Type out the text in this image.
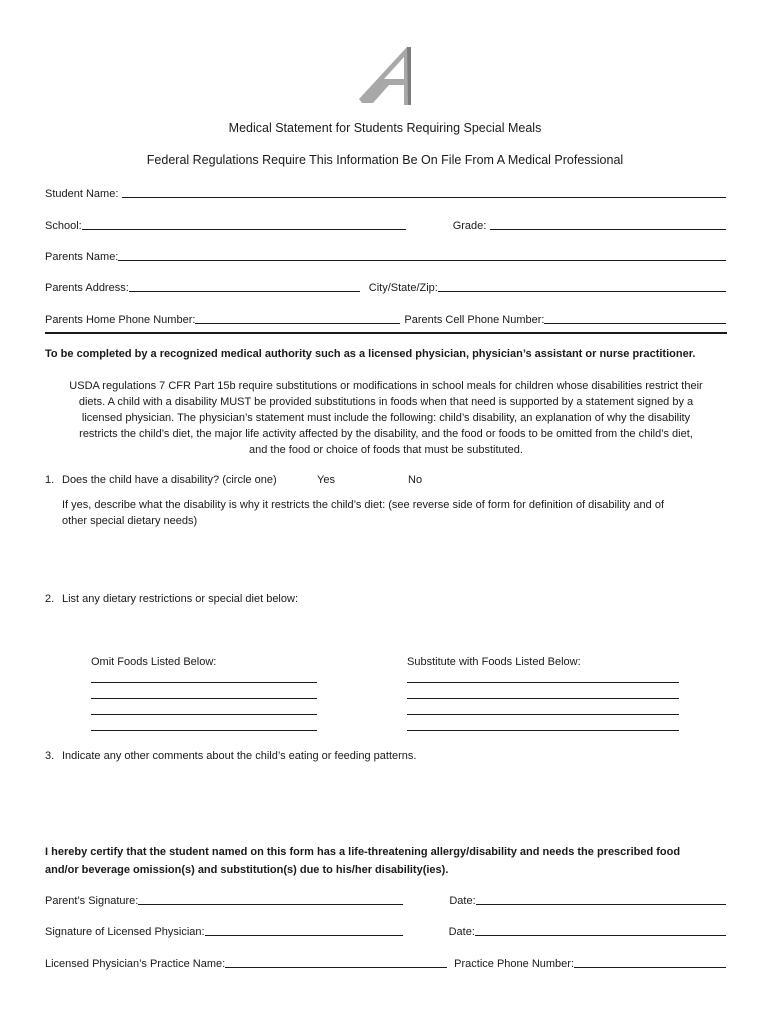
Medical Statement for Students Requiring Special Meals
Federal Regulations Require This Information Be On File From A Medical Professional
Student Name:
School:	Grade:
Parents Name:
Parents Address:	City/State/Zip:
Parents Home Phone Number:	Parents Cell Phone Number:
To be completed by a recognized medical authority such as a licensed physician, physician’s assistant or nurse practitioner.
USDA regulations 7 CFR Part 15b require substitutions or modifications in school meals for children whose disabilities restrict their
diets. A child with a disability MUST be provided substitutions in foods when that need is supported by a statement signed by a
licensed physician. The physician’s statement must include the following: child’s disability, an explanation of why the disability
restricts the child’s diet, the major life activity affected by the disability, and the food or foods to be omitted from the child’s diet,
and the food or choice of foods that must be substituted.
1. Does the child have a disability? (circle one)	Yes	No
If yes, describe what the disability is why it restricts the child’s diet: (see reverse side of form for definition of disability and of
other special dietary needs)
2. List any dietary restrictions or special diet below:
Omit Foods Listed Below:	Substitute with Foods Listed Below:
3. Indicate any other comments about the child’s eating or feeding patterns.
I hereby certify that the student named on this form has a life-threatening allergy/disability and needs the prescribed food
and/or beverage omission(s) and substitution(s) due to his/her disability(ies).
Parent’s Signature:	Date:
Signature of Licensed Physician:	Date:
Licensed Physician’s Practice Name:	Practice Phone Number:
